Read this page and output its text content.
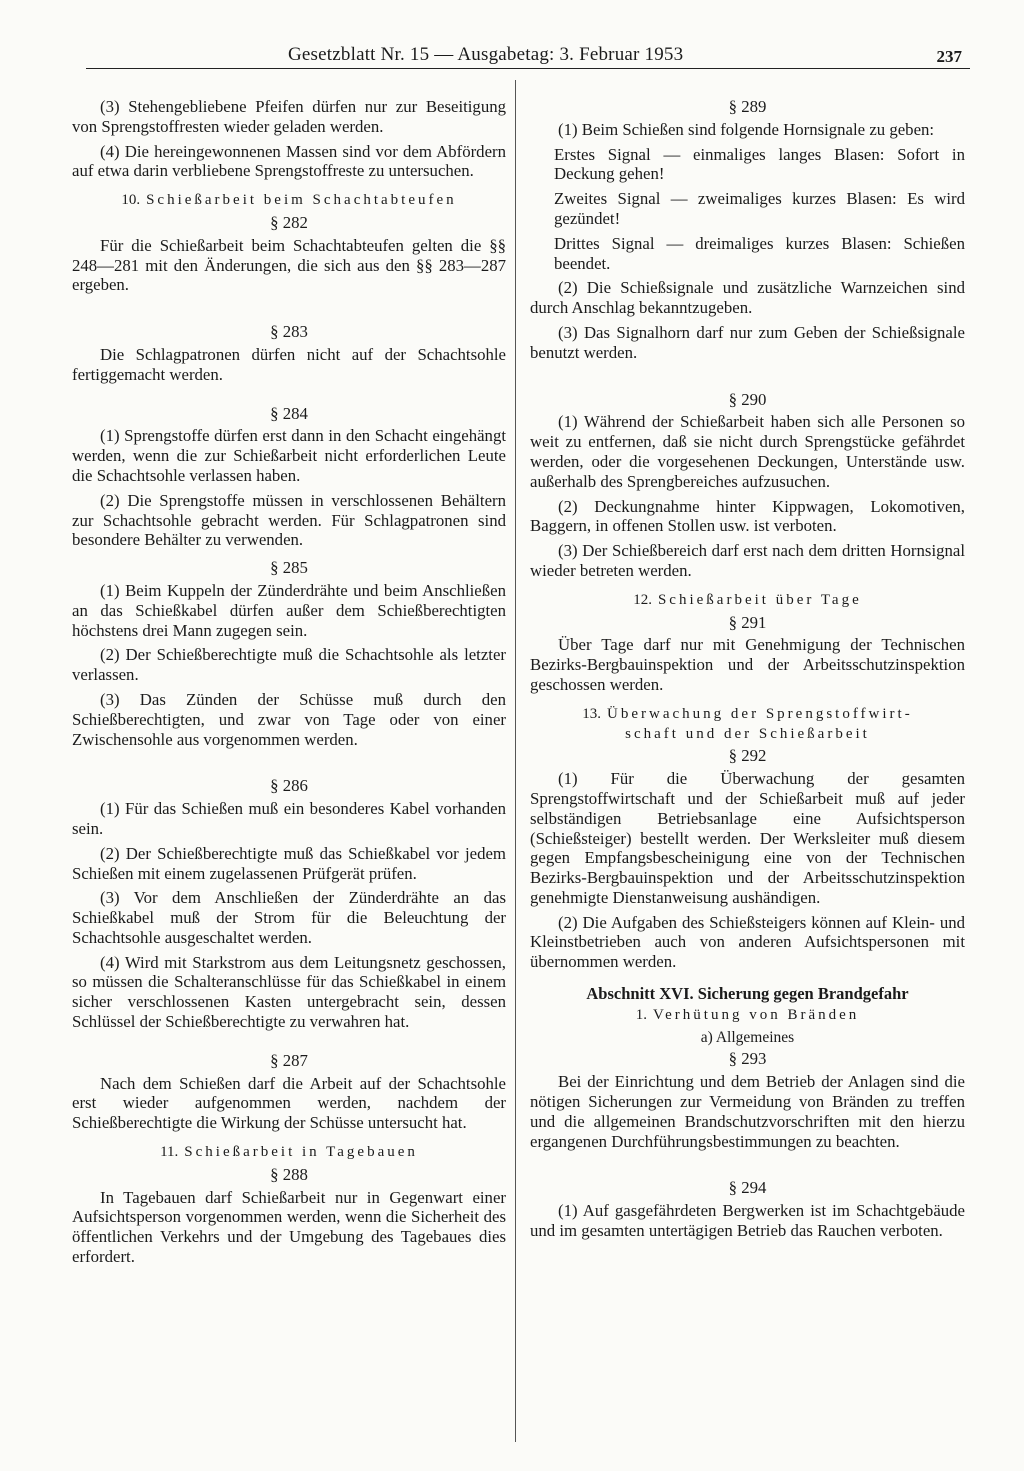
Gesetzblatt Nr. 15 — Ausgabetag: 3. Februar 1953	237

(3) Stehengebliebene Pfeifen dürfen nur zur Beseitigung von Sprengstoffresten wieder geladen werden.

(4) Die hereingewonnenen Massen sind vor dem Abfördern auf etwa darin verbliebene Sprengstoffreste zu untersuchen.

10. Schießarbeit beim Schachtabteufen
§ 282

Für die Schießarbeit beim Schachtabteufen gelten die §§ 248—281 mit den Änderungen, die sich aus den §§ 283—287 ergeben.

§ 283

Die Schlagpatronen dürfen nicht auf der Schachtsohle fertiggemacht werden.

§ 284

(1) Sprengstoffe dürfen erst dann in den Schacht eingehängt werden, wenn die zur Schießarbeit nicht erforderlichen Leute die Schachtsohle verlassen haben.

(2) Die Sprengstoffe müssen in verschlossenen Behältern zur Schachtsohle gebracht werden. Für Schlagpatronen sind besondere Behälter zu verwenden.

§ 285

(1) Beim Kuppeln der Zünderdrähte und beim Anschließen an das Schießkabel dürfen außer dem Schießberechtigten höchstens drei Mann zugegen sein.

(2) Der Schießberechtigte muß die Schachtsohle als letzter verlassen.

(3) Das Zünden der Schüsse muß durch den Schießberechtigten, und zwar von Tage oder von einer Zwischensohle aus vorgenommen werden.

§ 286

(1) Für das Schießen muß ein besonderes Kabel vorhanden sein.

(2) Der Schießberechtigte muß das Schießkabel vor jedem Schießen mit einem zugelassenen Prüfgerät prüfen.

(3) Vor dem Anschließen der Zünderdrähte an das Schießkabel muß der Strom für die Beleuchtung der Schachtsohle ausgeschaltet werden.

(4) Wird mit Starkstrom aus dem Leitungsnetz geschossen, so müssen die Schalteranschlüsse für das Schießkabel in einem sicher verschlossenen Kasten untergebracht sein, dessen Schlüssel der Schießberechtigte zu verwahren hat.

§ 287

Nach dem Schießen darf die Arbeit auf der Schachtsohle erst wieder aufgenommen werden, nachdem der Schießberechtigte die Wirkung der Schüsse untersucht hat.

11. Schießarbeit in Tagebauen
§ 288

In Tagebauen darf Schießarbeit nur in Gegenwart einer Aufsichtsperson vorgenommen werden, wenn die Sicherheit des öffentlichen Verkehrs und der Umgebung des Tagebaues dies erfordert.

§ 289

(1) Beim Schießen sind folgende Hornsignale zu geben:

Erstes Signal — einmaliges langes Blasen: Sofort in Deckung gehen!

Zweites Signal — zweimaliges kurzes Blasen: Es wird gezündet!

Drittes Signal — dreimaliges kurzes Blasen: Schießen beendet.

(2) Die Schießsignale und zusätzliche Warnzeichen sind durch Anschlag bekanntzugeben.

(3) Das Signalhorn darf nur zum Geben der Schießsignale benutzt werden.

§ 290

(1) Während der Schießarbeit haben sich alle Personen so weit zu entfernen, daß sie nicht durch Sprengstücke gefährdet werden, oder die vorgesehenen Deckungen, Unterstände usw. außerhalb des Sprengbereiches aufzusuchen.

(2) Deckungnahme hinter Kippwagen, Lokomotiven, Baggern, in offenen Stollen usw. ist verboten.

(3) Der Schießbereich darf erst nach dem dritten Hornsignal wieder betreten werden.

12. Schießarbeit über Tage
§ 291

Über Tage darf nur mit Genehmigung der Technischen Bezirks-Bergbauinspektion und der Arbeitsschutzinspektion geschossen werden.

13. Überwachung der Sprengstoffwirt-
schaft und der Schießarbeit
§ 292

(1) Für die Überwachung der gesamten Sprengstoffwirtschaft und der Schießarbeit muß auf jeder selbständigen Betriebsanlage eine Aufsichtsperson (Schießsteiger) bestellt werden. Der Werksleiter muß diesem gegen Empfangsbescheinigung eine von der Technischen Bezirks-Bergbauinspektion und der Arbeitsschutzinspektion genehmigte Dienstanweisung aushändigen.

(2) Die Aufgaben des Schießsteigers können auf Klein- und Kleinstbetrieben auch von anderen Aufsichtspersonen mit übernommen werden.

Abschnitt XVI. Sicherung gegen Brandgefahr
1. Verhütung von Bränden
a) Allgemeines
§ 293

Bei der Einrichtung und dem Betrieb der Anlagen sind die nötigen Sicherungen zur Vermeidung von Bränden zu treffen und die allgemeinen Brandschutzvorschriften mit den hierzu ergangenen Durchführungsbestimmungen zu beachten.

§ 294

(1) Auf gasgefährdeten Bergwerken ist im Schachtgebäude und im gesamten untertägigen Betrieb das Rauchen verboten.
